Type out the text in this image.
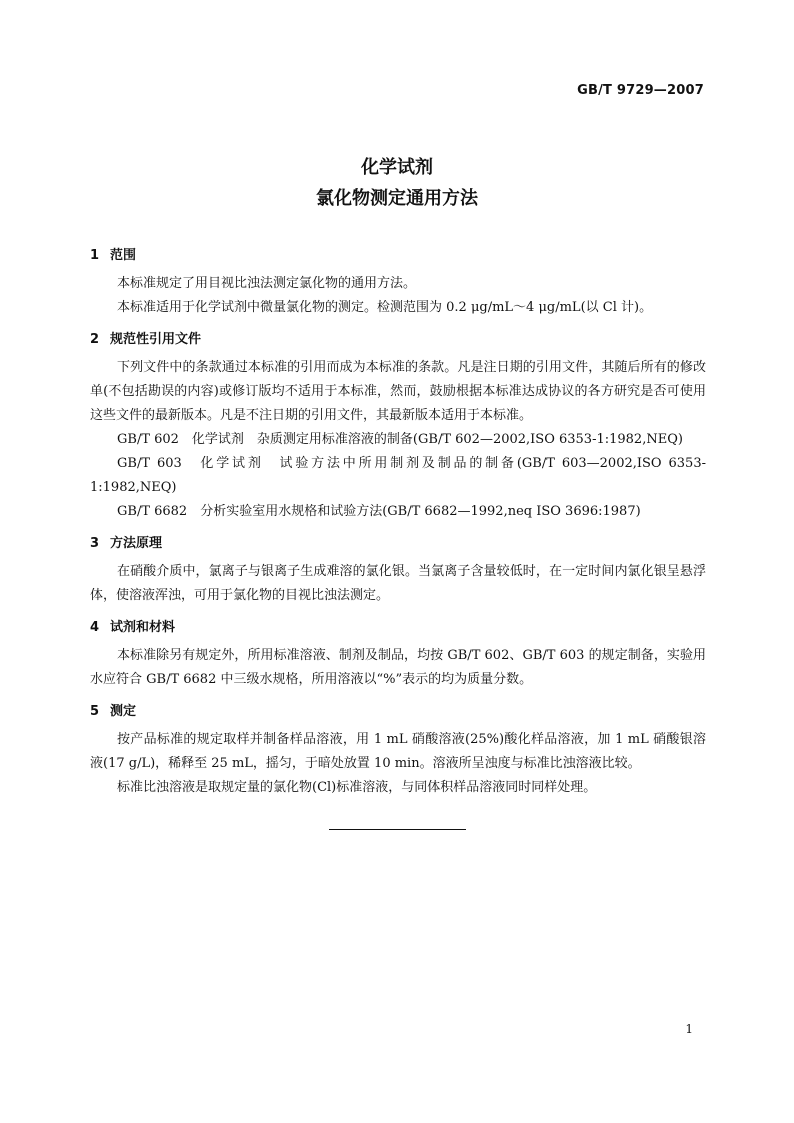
GB/T 9729—2007
化学试剂
氯化物测定通用方法

1 范围

本标准规定了用目视比浊法测定氯化物的通用方法。

本标准适用于化学试剂中微量氯化物的测定。检测范围为 0.2 μg/mL～4 μg/mL(以 Cl 计)。

2 规范性引用文件

下列文件中的条款通过本标准的引用而成为本标准的条款。凡是注日期的引用文件，其随后所有的修改单(不包括勘误的内容)或修订版均不适用于本标准，然而，鼓励根据本标准达成协议的各方研究是否可使用这些文件的最新版本。凡是不注日期的引用文件，其最新版本适用于本标准。

GB/T 602　化学试剂　杂质测定用标准溶液的制备(GB/T 602—2002,ISO 6353-1:1982,NEQ)

GB/T 603　化学试剂　试验方法中所用制剂及制品的制备(GB/T 603—2002,ISO 6353-1:1982,NEQ)

GB/T 6682　分析实验室用水规格和试验方法(GB/T 6682—1992,neq ISO 3696:1987)

3 方法原理

在硝酸介质中，氯离子与银离子生成难溶的氯化银。当氯离子含量较低时，在一定时间内氯化银呈悬浮体，使溶液浑浊，可用于氯化物的目视比浊法测定。

4 试剂和材料

本标准除另有规定外，所用标准溶液、制剂及制品，均按 GB/T 602、GB/T 603 的规定制备，实验用水应符合 GB/T 6682 中三级水规格，所用溶液以“%”表示的均为质量分数。

5 测定

按产品标准的规定取样并制备样品溶液，用 1 mL 硝酸溶液(25%)酸化样品溶液，加 1 mL 硝酸银溶液(17 g/L)，稀释至 25 mL，摇匀，于暗处放置 10 min。溶液所呈浊度与标准比浊溶液比较。

标准比浊溶液是取规定量的氯化物(Cl)标准溶液，与同体积样品溶液同时同样处理。

1
